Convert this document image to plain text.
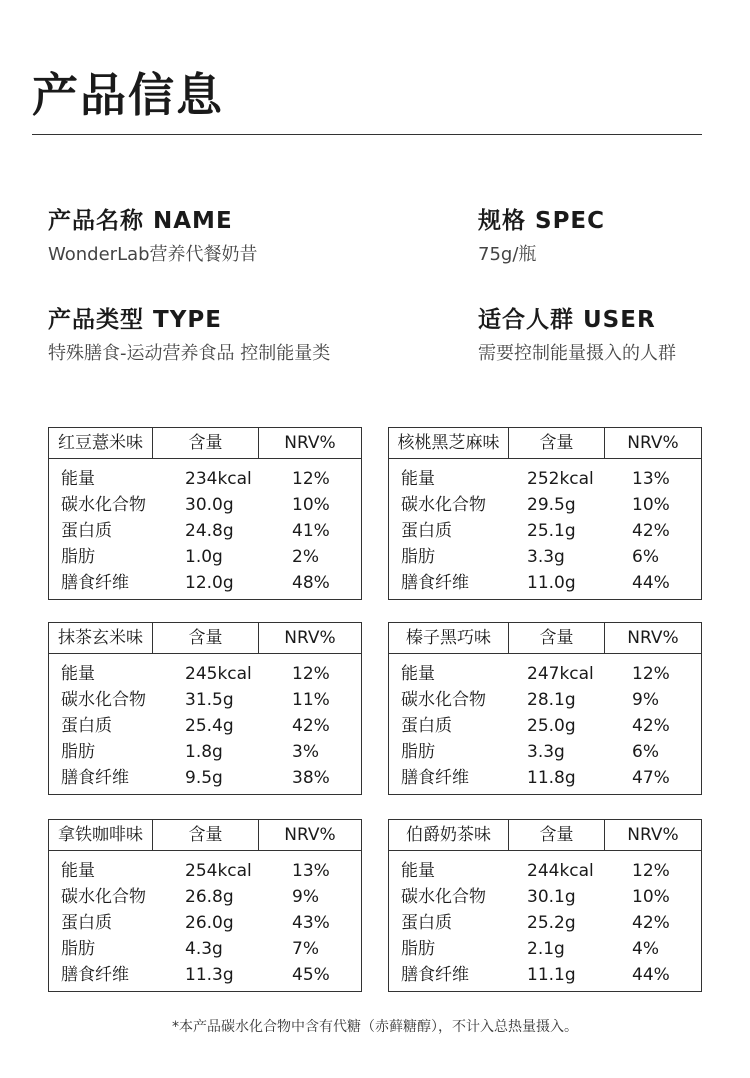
产品信息
产品名称 NAME
WonderLab营养代餐奶昔
规格 SPEC
75g/瓶
产品类型 TYPE
特殊膳食-运动营养食品 控制能量类
适合人群 USER
需要控制能量摄入的人群
红豆薏米味	含量	NRV%
能量	234kcal 12%
碳水化合物 30.0g	10%
蛋白质	24.8g	41%
脂肪	1.0g	2%
膳食纤维	12.0g	48%
核桃黑芝麻味	含量	NRV%
能量	252kcal 13%
碳水化合物 29.5g	10%
蛋白质	25.1g	42%
脂肪	3.3g	6%
膳食纤维	11.0g	44%
抹茶玄米味	含量	NRV%
能量	245kcal 12%
碳水化合物 31.5g	11%
蛋白质	25.4g	42%
脂肪	1.8g	3%
膳食纤维	9.5g	38%
榛子黑巧味	含量	NRV%
能量	247kcal 12%
碳水化合物 28.1g	9%
蛋白质	25.0g	42%
脂肪	3.3g	6%
膳食纤维	11.8g	47%
拿铁咖啡味	含量	NRV%
能量	254kcal 13%
碳水化合物 26.8g	9%
蛋白质	26.0g	43%
脂肪	4.3g	7%
膳食纤维	11.3g	45%
伯爵奶茶味	含量	NRV%
能量	244kcal 12%
碳水化合物 30.1g	10%
蛋白质	25.2g	42%
脂肪	2.1g	4%
膳食纤维	11.1g	44%
*本产品碳水化合物中含有代糖（赤藓糖醇），不计入总热量摄入。
